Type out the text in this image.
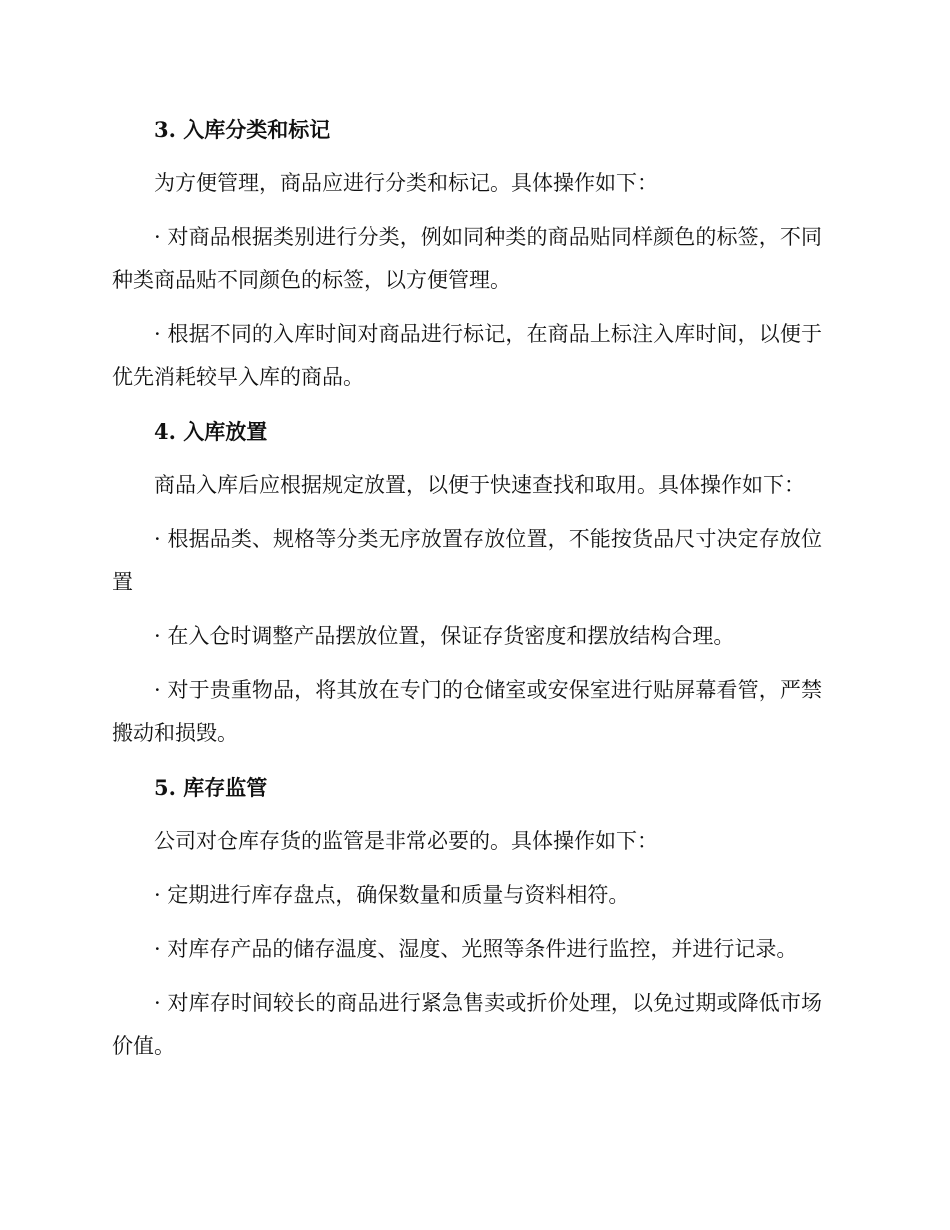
3. 入库分类和标记
为方便管理，商品应进行分类和标记。具体操作如下：
· 对商品根据类别进行分类，例如同种类的商品贴同样颜色的标签，不同种类商品贴不同颜色的标签，以方便管理。
· 根据不同的入库时间对商品进行标记，在商品上标注入库时间，以便于优先消耗较早入库的商品。
4. 入库放置
商品入库后应根据规定放置，以便于快速查找和取用。具体操作如下：
· 根据品类、规格等分类无序放置存放位置，不能按货品尺寸决定存放位置
· 在入仓时调整产品摆放位置，保证存货密度和摆放结构合理。
· 对于贵重物品，将其放在专门的仓储室或安保室进行贴屏幕看管，严禁搬动和损毁。
5. 库存监管
公司对仓库存货的监管是非常必要的。具体操作如下：
· 定期进行库存盘点，确保数量和质量与资料相符。
· 对库存产品的储存温度、湿度、光照等条件进行监控，并进行记录。
· 对库存时间较长的商品进行紧急售卖或折价处理，以免过期或降低市场价值。
